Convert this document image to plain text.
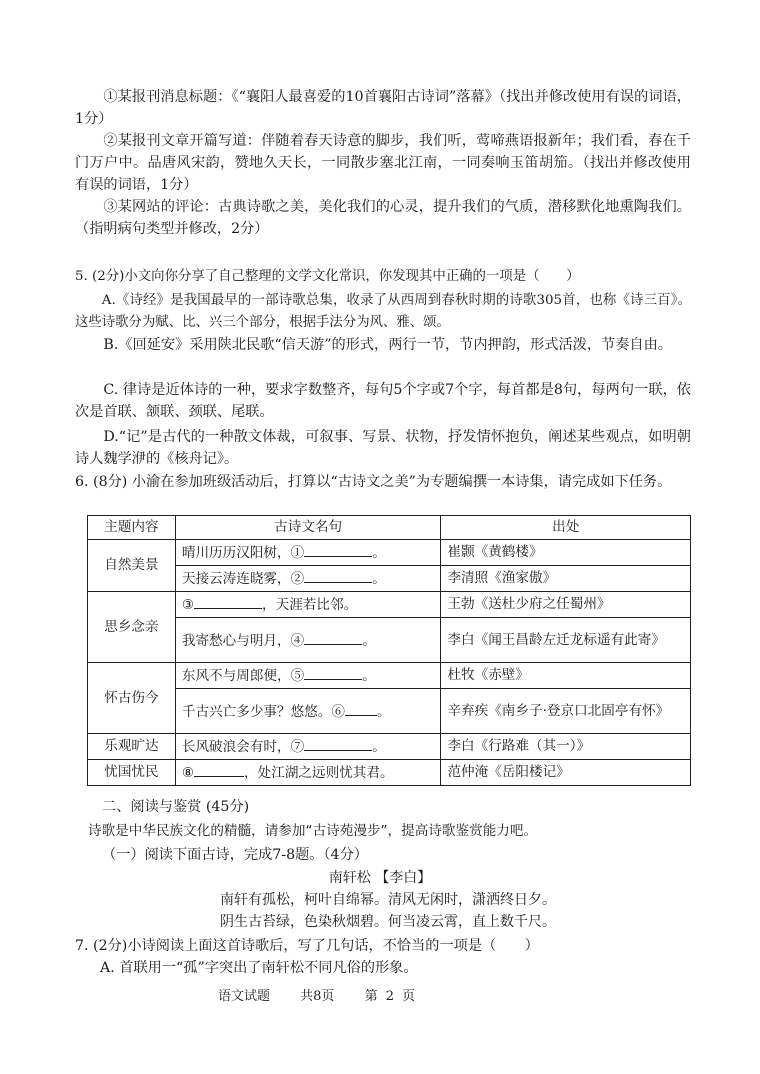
①某报刊消息标题：《“襄阳人最喜爱的10首襄阳古诗词”落幕》（找出并修改使用有误的词语，1分）

②某报刊文章开篇写道：伴随着春天诗意的脚步，我们听，莺啼燕语报新年；我们看，春在千门万户中。品唐风宋韵，赞地久天长，一同散步塞北江南，一同奏响玉笛胡笳。（找出并修改使用有误的词语，1分）

③某网站的评论：古典诗歌之美，美化我们的心灵，提升我们的气质，潜移默化地熏陶我们。（指明病句类型并修改，2分）

5. (2分)小文向你分享了自己整理的文学文化常识，你发现其中正确的一项是（　　）

A.《诗经》是我国最早的一部诗歌总集，收录了从西周到春秋时期的诗歌305首，也称《诗三百》。这些诗歌分为赋、比、兴三个部分，根据手法分为风、雅、颂。

B.《回延安》采用陕北民歌“信天游”的形式，两行一节，节内押韵，形式活泼，节奏自由。

C. 律诗是近体诗的一种，要求字数整齐，每句5个字或7个字，每首都是8句，每两句一联，依次是首联、颔联、颈联、尾联。

D.“记”是古代的一种散文体裁，可叙事、写景、状物，抒发情怀抱负，阐述某些观点，如明朝诗人魏学洢的《核舟记》。

6. (8分) 小渝在参加班级活动后，打算以“古诗文之美”为专题编撰一本诗集，请完成如下任务。

主题内容	古诗文名句	出处
自然美景	晴川历历汉阳树，① 。	崔颢《黄鹤楼》
	天接云涛连晓雾，② 。	李清照《渔家傲》
思乡念亲	③ ，天涯若比邻。	王勃《送杜少府之任蜀州》
	我寄愁心与明月，④ 。	李白《闻王昌龄左迁龙标遥有此寄》
怀古伤今	东风不与周郎便，⑤ 。	杜牧《赤壁》
	千古兴亡多少事？悠悠。⑥ 。	辛弃疾《南乡子·登京口北固亭有怀》
乐观旷达	长风破浪会有时，⑦ 。	李白《行路难（其一）》
忧国忧民	⑧ ，处江湖之远则忧其君。	范仲淹《岳阳楼记》

二、阅读与鉴赏 (45分)

诗歌是中华民族文化的精髓，请参加“古诗苑漫步”，提高诗歌鉴赏能力吧。

（一）阅读下面古诗，完成7-8题。（4分）

南轩松 【李白】

南轩有孤松，柯叶自绵幂。清风无闲时，潇洒终日夕。

阴生古苔绿，色染秋烟碧。何当凌云霄，直上数千尺。

7. (2分)小诗阅读上面这首诗歌后，写了几句话，不恰当的一项是（　　）

A. 首联用一“孤”字突出了南轩松不同凡俗的形象。

语文试题 共8页 第 2 页
